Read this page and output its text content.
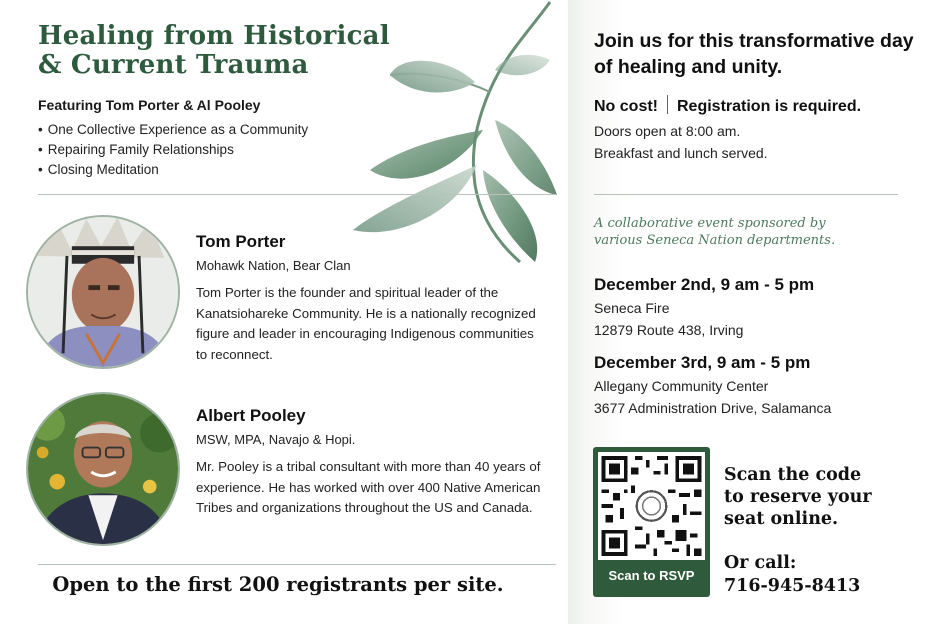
Healing from Historical
& Current Trauma
Featuring Tom Porter & Al Pooley
• One Collective Experience as a Community
• Repairing Family Relationships
• Closing Meditation
Tom Porter
Mohawk Nation, Bear Clan
Tom Porter is the founder and spiritual leader of the Kanatsiohareke Community. He is a nationally recognized figure and leader in encouraging Indigenous communities to reconnect.
Albert Pooley
MSW, MPA, Navajo & Hopi.
Mr. Pooley is a tribal consultant with more than 40 years of experience. He has worked with over 400 Native American Tribes and organizations throughout the US and Canada.
Open to the first 200 registrants per site.
Join us for this transformative day of healing and unity.
No cost! Registration is required.
Doors open at 8:00 am.
Breakfast and lunch served.
A collaborative event sponsored by
various Seneca Nation departments.
December 2nd, 9 am - 5 pm
Seneca Fire
12879 Route 438, Irving
December 3rd, 9 am - 5 pm
Allegany Community Center
3677 Administration Drive, Salamanca
Scan to RSVP
Scan the code
to reserve your
seat online.
Or call:
716-945-8413
